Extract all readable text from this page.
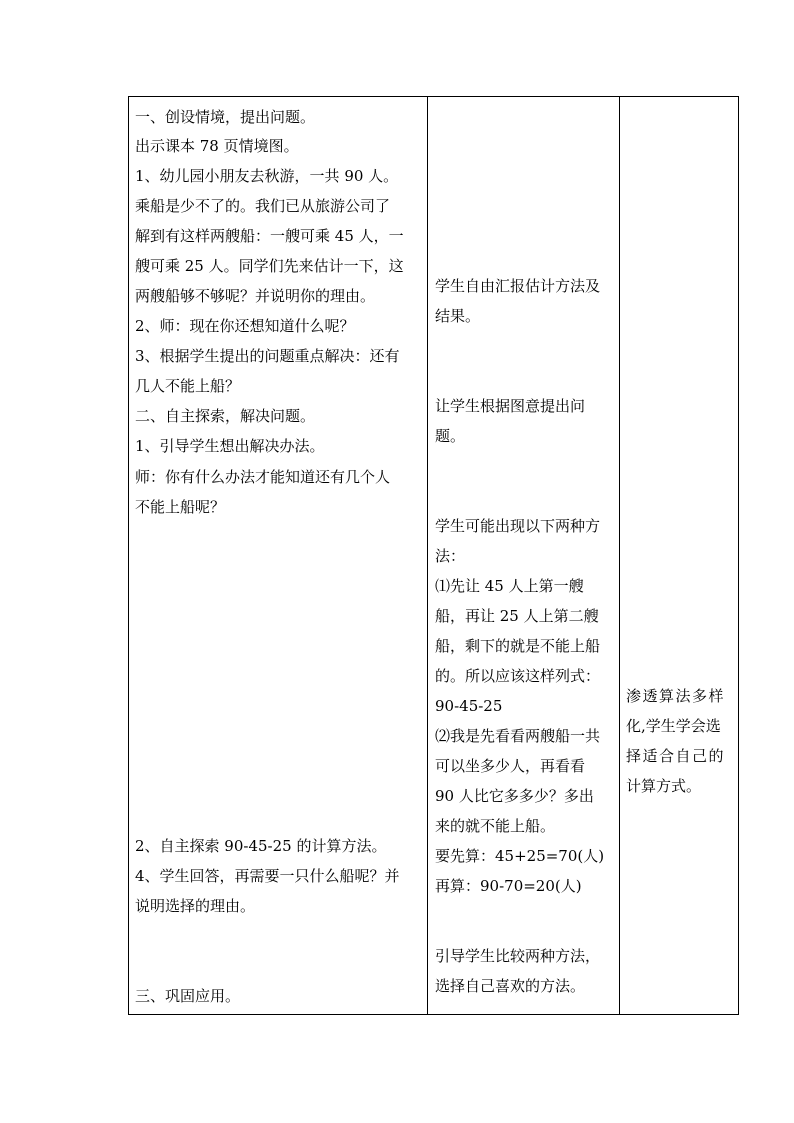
一、创设情境，提出问题。
出示课本 78 页情境图。
1、幼儿园小朋友去秋游，一共 90 人。
乘船是少不了的。我们已从旅游公司了
解到有这样两艘船：一艘可乘 45 人，一
艘可乘 25 人。同学们先来估计一下，这
两艘船够不够呢？并说明你的理由。
2、师：现在你还想知道什么呢？
3、根据学生提出的问题重点解决：还有
几人不能上船？
二、自主探索，解决问题。
1、引导学生想出解决办法。
师：你有什么办法才能知道还有几个人
不能上船呢？
2、自主探索 90-45-25 的计算方法。
4、学生回答，再需要一只什么船呢？并
说明选择的理由。
三、巩固应用。
学生自由汇报估计方法及
结果。
让学生根据图意提出问
题。
学生可能出现以下两种方
法：
⑴先让 45 人上第一艘
船，再让 25 人上第二艘
船，剩下的就是不能上船
的。所以应该这样列式：
90-45-25
⑵我是先看看两艘船一共
可以坐多少人，再看看
90 人比它多多少？多出
来的就不能上船。
要先算：45+25=70(人)
再算：90-70=20(人)
引导学生比较两种方法，
选择自己喜欢的方法。
渗透算法多样
化,学生学会选
择适合自己的
计算方式。
